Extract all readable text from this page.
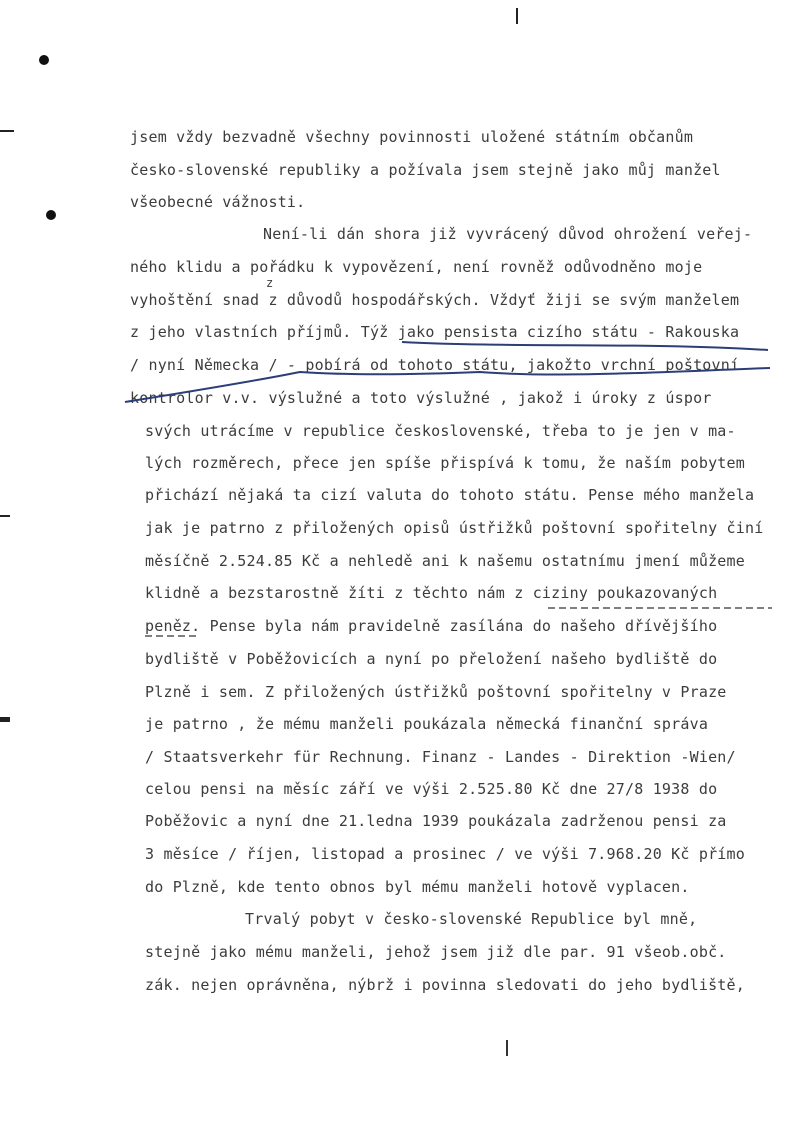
jsem vždy bezvadně všechny povinnosti uložené státním občanům
česko-slovenské republiky a požívala jsem stejně jako můj manžel
všeobecné vážnosti.
Není-li dán shora již vyvrácený důvod ohrožení veřej-
ného klidu a pořádku k vypovězení, není rovněž odůvodněno moje
vyhoštění snad z důvodů hospodářských. Vždyť žiji se svým manželem
z jeho vlastních příjmů. Týž jako pensista cizího státu - Rakouska
/ nyní Německa / - pobírá od tohoto státu, jakožto vrchní poštovní
kontrolor v.v. výslužné a toto výslužné , jakož i úroky z úspor
svých utrácíme v republice československé, třeba to je jen v ma-
lých rozměrech, přece jen spíše přispívá k tomu, že naším pobytem
přichází nějaká ta cizí valuta do tohoto státu. Pense mého manžela
jak je patrno z přiložených opisů ústřižků poštovní spořitelny činí
měsíčně 2.524.85 Kč a nehledě ani k našemu ostatnímu jmení můžeme
klidně a bezstarostně žíti z těchto nám z ciziny poukazovaných
peněz. Pense byla nám pravidelně zasílána do našeho dřívějšího
bydliště v Poběžovicích a nyní po přeložení našeho bydliště do
Plzně i sem. Z přiložených ústřižků poštovní spořitelny v Praze
je patrno , že mému manželi poukázala německá finanční správa
/ Staatsverkehr für Rechnung. Finanz - Landes - Direktion -Wien/
celou pensi na měsíc září ve výši 2.525.80 Kč dne 27/8 1938 do
Poběžovic a nyní dne 21.ledna 1939 poukázala zadrženou pensi za
3 měsíce / říjen, listopad a prosinec / ve výši 7.968.20 Kč přímo
do Plzně, kde tento obnos byl mému manželi hotově vyplacen.
Trvalý pobyt v česko-slovenské Republice byl mně,
stejně jako mému manželi, jehož jsem již dle par. 91 všeob.obč.
zák. nejen oprávněna, nýbrž i povinna sledovati do jeho bydliště,
z
